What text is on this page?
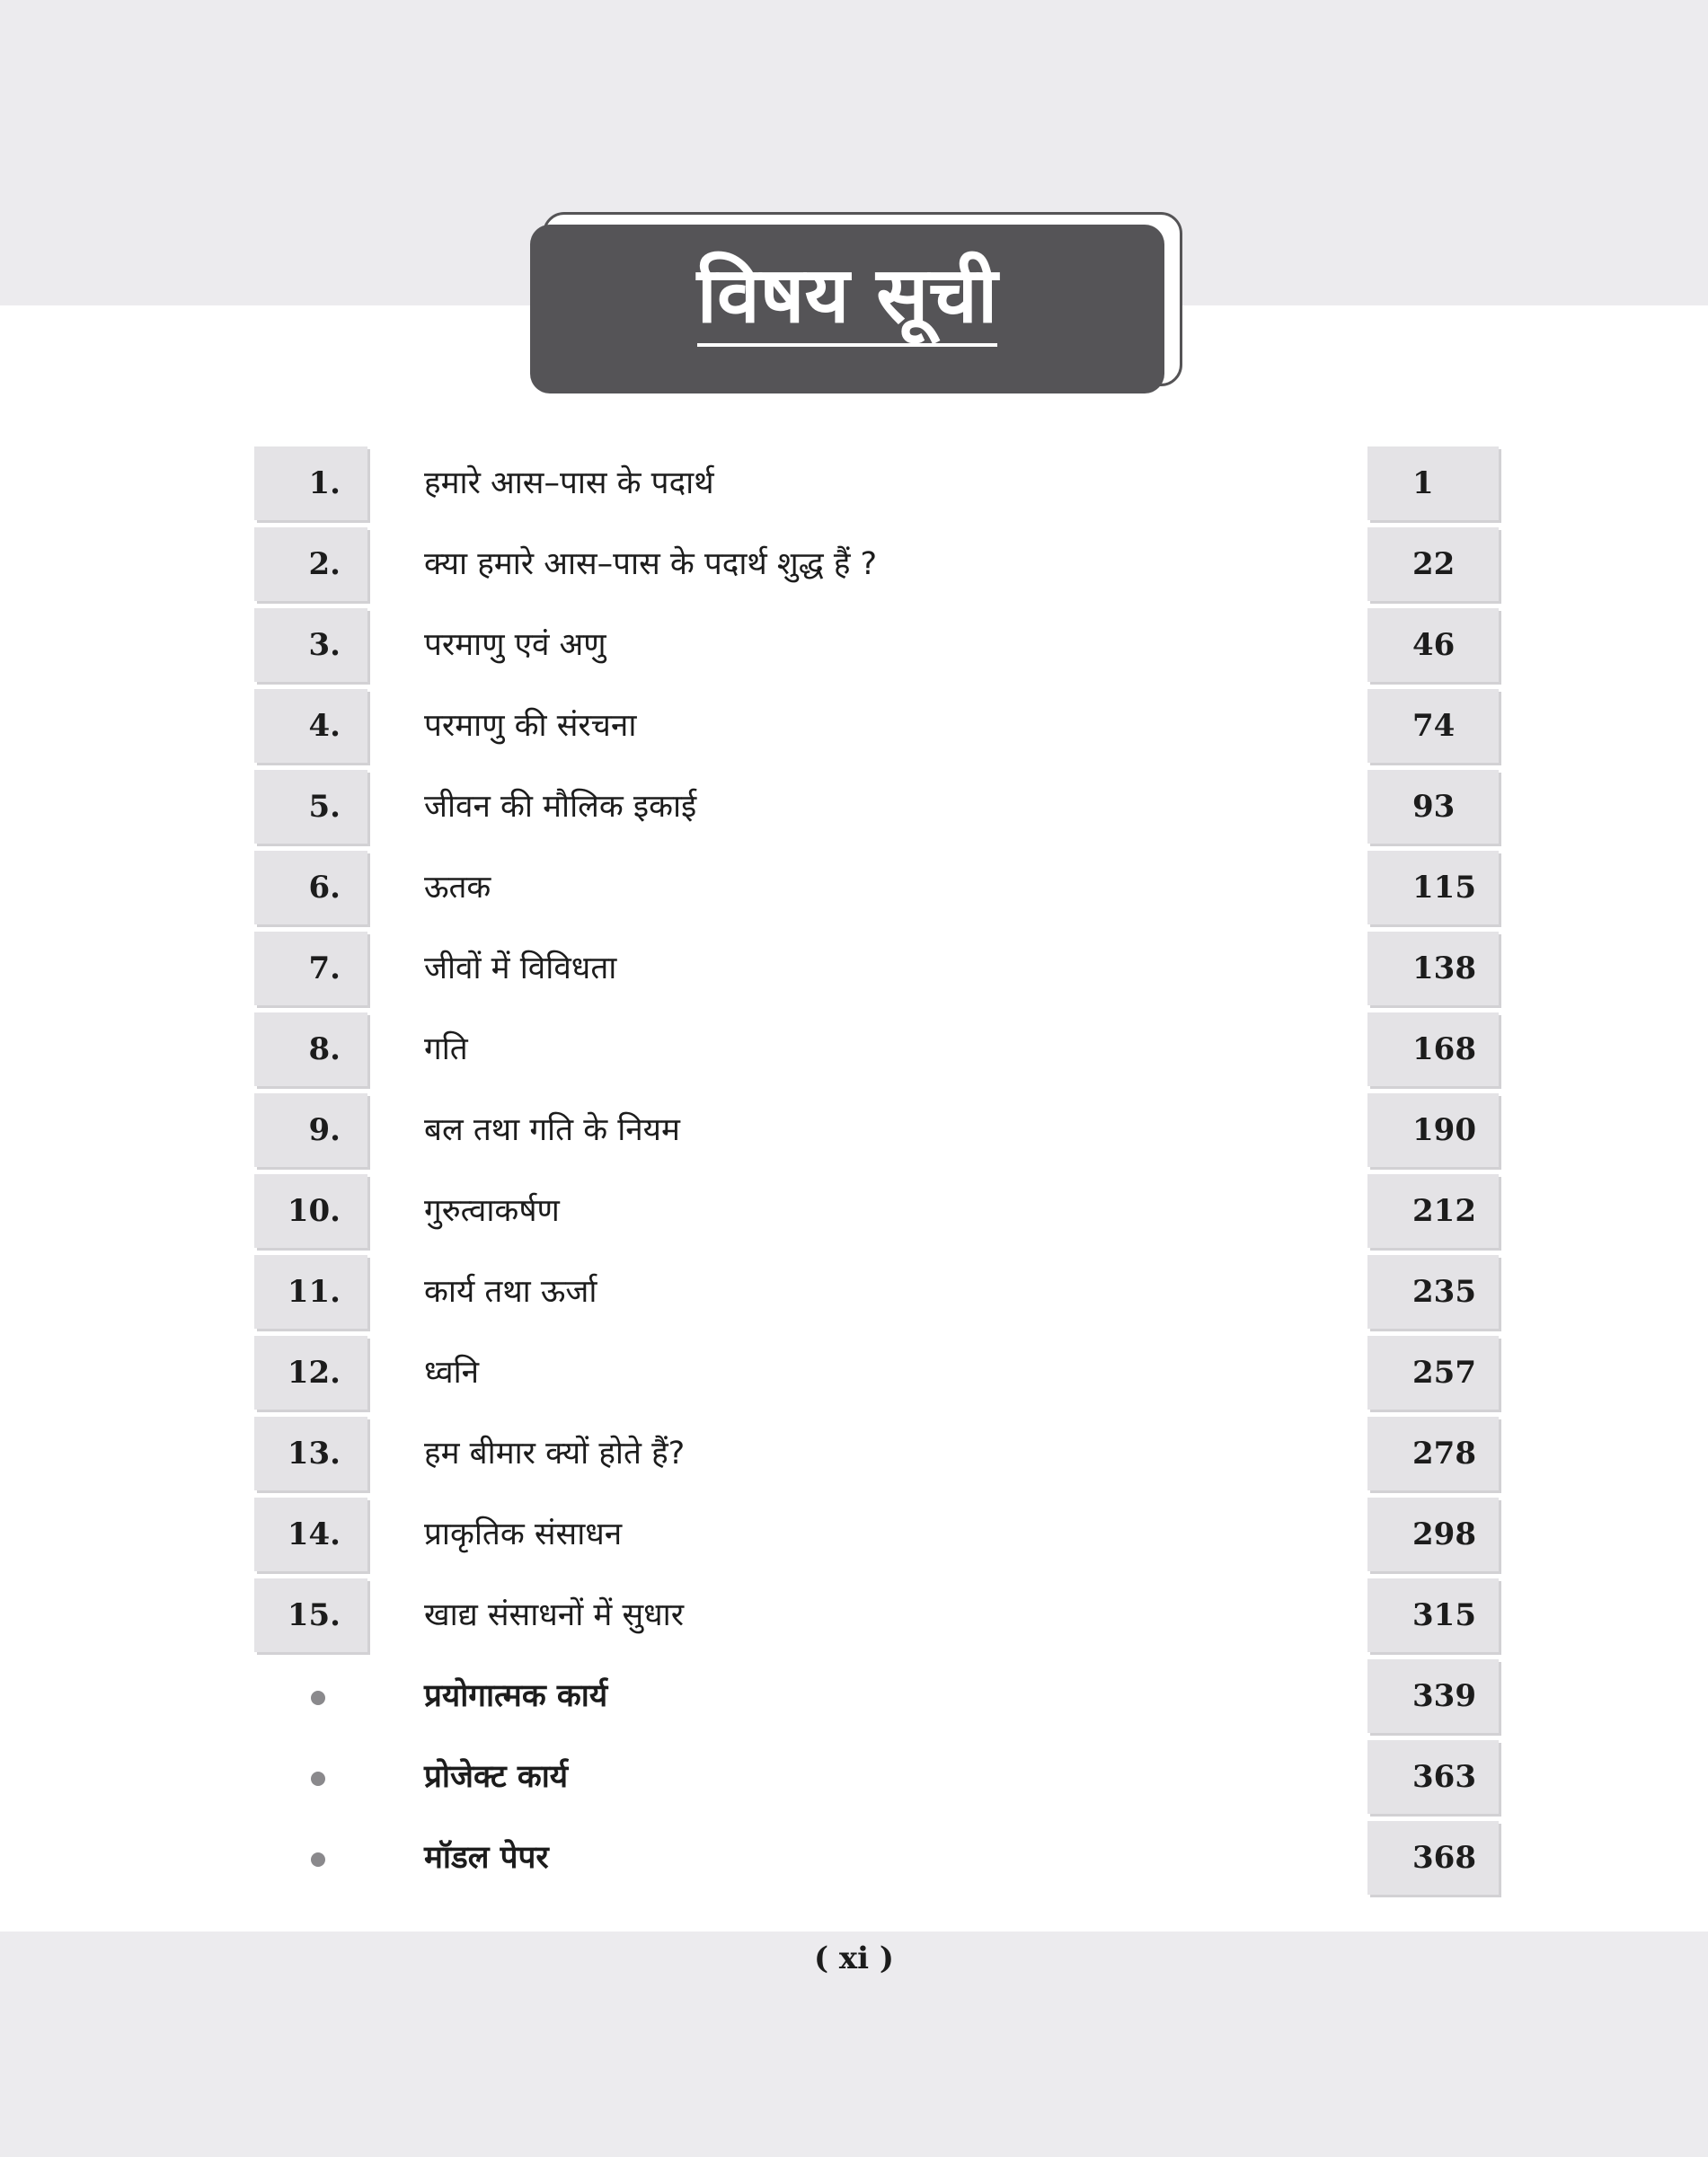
विषय सूची
1.	हमारे आस–पास के पदार्थ	1
2.	क्या हमारे आस–पास के पदार्थ शुद्ध हैं ?	22
3.	परमाणु एवं अणु	46
4.	परमाणु की संरचना	74
5.	जीवन की मौलिक इकाई	93
6.	ऊतक	115
7.	जीवों में विविधता	138
8.	गति	168
9.	बल तथा गति के नियम	190
10.	गुरुत्वाकर्षण	212
11.	कार्य तथा ऊर्जा	235
12.	ध्वनि	257
13.	हम बीमार क्यों होते हैं?	278
14.	प्राकृतिक संसाधन	298
15.	खाद्य संसाधनों में सुधार	315
प्रयोगात्मक कार्य	339
प्रोजेक्ट कार्य	363
मॉडल पेपर	368
( xi )
